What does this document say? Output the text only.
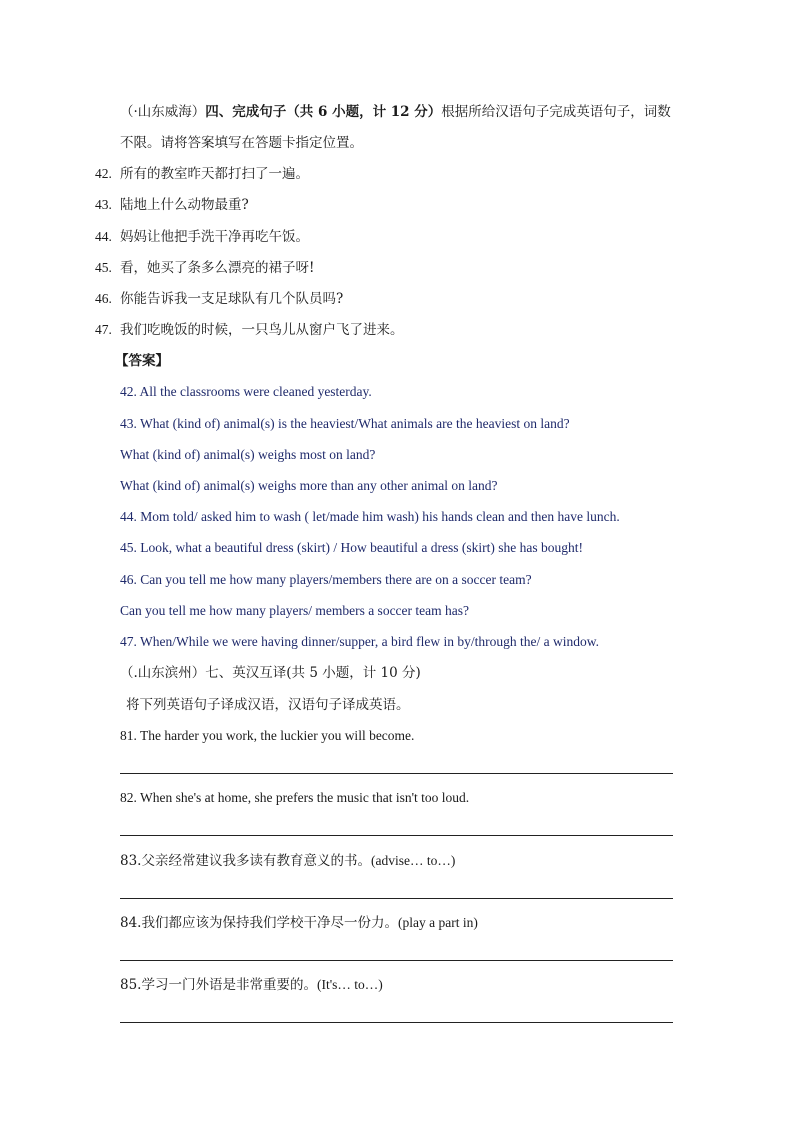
（·山东威海）四、完成句子（共 6 小题，计 12 分）根据所给汉语句子完成英语句子，词数
不限。请将答案填写在答题卡指定位置。
42. 所有的教室昨天都打扫了一遍。
43. 陆地上什么动物最重?
44. 妈妈让他把手洗干净再吃午饭。
45. 看，她买了条多么漂亮的裙子呀!
46. 你能告诉我一支足球队有几个队员吗?
47. 我们吃晚饭的时候，一只鸟儿从窗户飞了进来。
【答案】
42. All the classrooms were cleaned yesterday.
43. What (kind of) animal(s) is the heaviest/What animals are the heaviest on land?
What (kind of) animal(s) weighs most on land?
What (kind of) animal(s) weighs more than any other animal on land?
44. Mom told/ asked him to wash ( let/made him wash) his hands clean and then have lunch.
45. Look, what a beautiful dress (skirt) / How beautiful a dress (skirt) she has bought!
46. Can you tell me how many players/members there are on a soccer team?
Can you tell me how many players/ members a soccer team has?
47. When/While we were having dinner/supper, a bird flew in by/through the/ a window.
（.山东滨州）七、英汉互译(共 5 小题，计 10 分)
将下列英语句子译成汉语，汉语句子译成英语。
81. The harder you work, the luckier you will become.
82. When she's at home, she prefers the music that isn't too loud.
83.父亲经常建议我多读有教育意义的书。(advise… to…)
84.我们都应该为保持我们学校干净尽一份力。(play a part in)
85.学习一门外语是非常重要的。(It's… to…)
